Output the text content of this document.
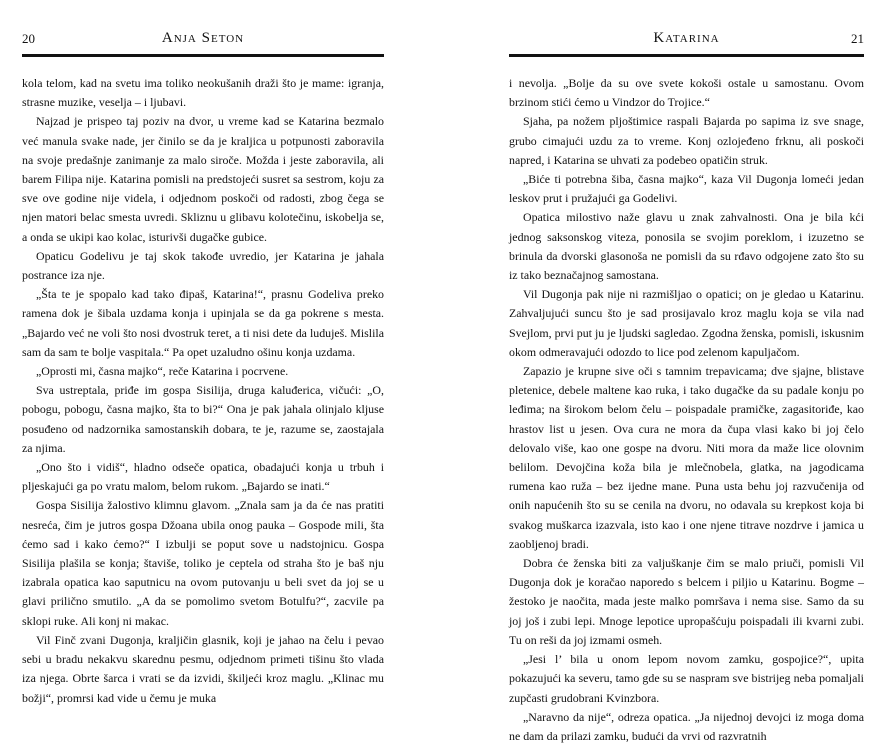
20	Anja Seton

kola telom, kad na svetu ima toliko neokušanih draži što je mame: igranja, strasne muzike, veselja – i ljubavi.

Najzad je prispeo taj poziv na dvor, u vreme kad se Katarina bezmalo već manula svake nade, jer činilo se da je kraljica u potpunosti zaboravila na svoje predašnje zanimanje za malo siroče. Možda i jeste zaboravila, ali barem Filipa nije. Katarina pomisli na predstojeći susret sa sestrom, koju za sve ove godine nije videla, i odjednom poskoči od radosti, zbog čega se njen matori belac smesta uvredi. Skliznu u glibavu kolotečinu, iskobelja se, a onda se ukipi kao kolac, isturivši dugačke gubice.

Opaticu Godelivu je taj skok takođe uvredio, jer Katarina je jahala postrance iza nje.

„Šta te je spopalo kad tako đipaš, Katarina!“, prasnu Godeliva preko ramena dok je šibala uzdama konja i upinjala se da ga pokrene s mesta. „Bajardo već ne voli što nosi dvostruk teret, a ti nisi dete da luduješ. Mislila sam da sam te bolje vaspitala.“ Pa opet uzaludno ošinu konja uzdama.

„Oprosti mi, časna majko“, reče Katarina i pocrvene.

Sva ustreptala, priđe im gospa Sisilija, druga kaluđerica, vičući: „O, pobogu, pobogu, časna majko, šta to bi?“ Ona je pak jahala olinjalo kljuse posuđeno od nadzornika samostanskih dobara, te je, razume se, zaostajala za njima.

„Ono što i vidiš“, hladno odseče opatica, obadajući konja u trbuh i pljeskajući ga po vratu malom, belom rukom. „Bajardo se inati.“

Gospa Sisilija žalostivo klimnu glavom. „Znala sam ja da će nas pratiti nesreća, čim je jutros gospa Džoana ubila onog pauka – Gospode mili, šta ćemo sad i kako ćemo?“ I izbulji se poput sove u nadstojnicu. Gospa Sisilija plašila se konja; štaviše, toliko je ceptela od straha što je baš nju izabrala opatica kao saputnicu na ovom putovanju u beli svet da joj se u glavi prilično smutilo. „A da se pomolimo svetom Botulfu?“, zacvile pa sklopi ruke. Ali konj ni makac.

Vil Finč zvani Dugonja, kraljičin glasnik, koji je jahao na čelu i pevao sebi u bradu nekakvu skarednu pesmu, odjednom primeti tišinu što vlada iza njega. Obrte šarca i vrati se da izvidi, škiljeći kroz maglu. „Klinac mu božji“, promrsi kad vide u čemu je muka

Katarina	21

i nevolja. „Bolje da su ove svete kokoši ostale u samostanu. Ovom brzinom stići ćemo u Vindzor do Trojice.“

Sjaha, pa nožem pljoštimice raspali Bajarda po sapima iz sve snage, grubo cimajući uzdu za to vreme. Konj ozlojeđeno frknu, ali poskoči napred, i Katarina se uhvati za podebeo opatičin struk.

„Biće ti potrebna šiba, časna majko“, kaza Vil Dugonja lomeći jedan leskov prut i pružajući ga Godelivi.

Opatica milostivo nažе glavu u znak zahvalnosti. Ona je bila kći jednog saksonskog viteza, ponosila se svojim poreklom, i izuzetno se brinula da dvorski glasonoša ne pomisli da su rđavo odgojene zato što su iz tako beznačajnog samostana.

Vil Dugonja pak nije ni razmišljao o opatici; on je gledao u Katarinu. Zahvaljujući suncu što je sad prosijavalo kroz maglu koja se vila nad Svejlom, prvi put ju je ljudski sagledao. Zgodna ženska, pomisli, iskusnim okom odmeravajući odozdo to lice pod zelenom kapuljačom.

Zapazio je krupne sive oči s tamnim trepavicama; dve sjajne, blistave pletenice, debele maltene kao ruka, i tako dugačke da su padale konju po leđima; na širokom belom čelu – poispadale pramičke, zagasitoriđe, kao hrastov list u jesen. Ova cura ne mora da čupa vlasi kako bi joj čelo delovalo više, kao one gospe na dvoru. Niti mora da maže lice olovnim belilom. Devojčina koža bila je mlečnobela, glatka, na jagodicama rumena kao ruža – bez ijedne mane. Puna usta behu joj razvučenija od onih napućenih što su se cenila na dvoru, no odavala su krepkost koja bi svakog muškarca izazvala, isto kao i one njene titrave nozdrve i jamica u zaobljenoj bradi.

Dobra će ženska biti za valjuškanje čim se malo priuči, pomisli Vil Dugonja dok je koračao naporedo s belcem i piljio u Katarinu. Bogme – žestoko je naočita, mada jeste malko pomršava i nema sise. Samo da su joj još i zubi lepi. Mnoge lepotice upropašćuju poispadali ili kvarni zubi. Tu on reši da joj izmami osmeh.

„Jesi l’ bila u onom lepom novom zamku, gospojice?“, upita pokazujući ka severu, tamo gde su se naspram sve bistrijeg neba pomaljali zupčasti grudobrani Kvinzbora.

„Naravno da nije“, odreza opatica. „Ja nijednoj devojci iz moga doma ne dam da prilazi zamku, budući da vrvi od razvratnih
